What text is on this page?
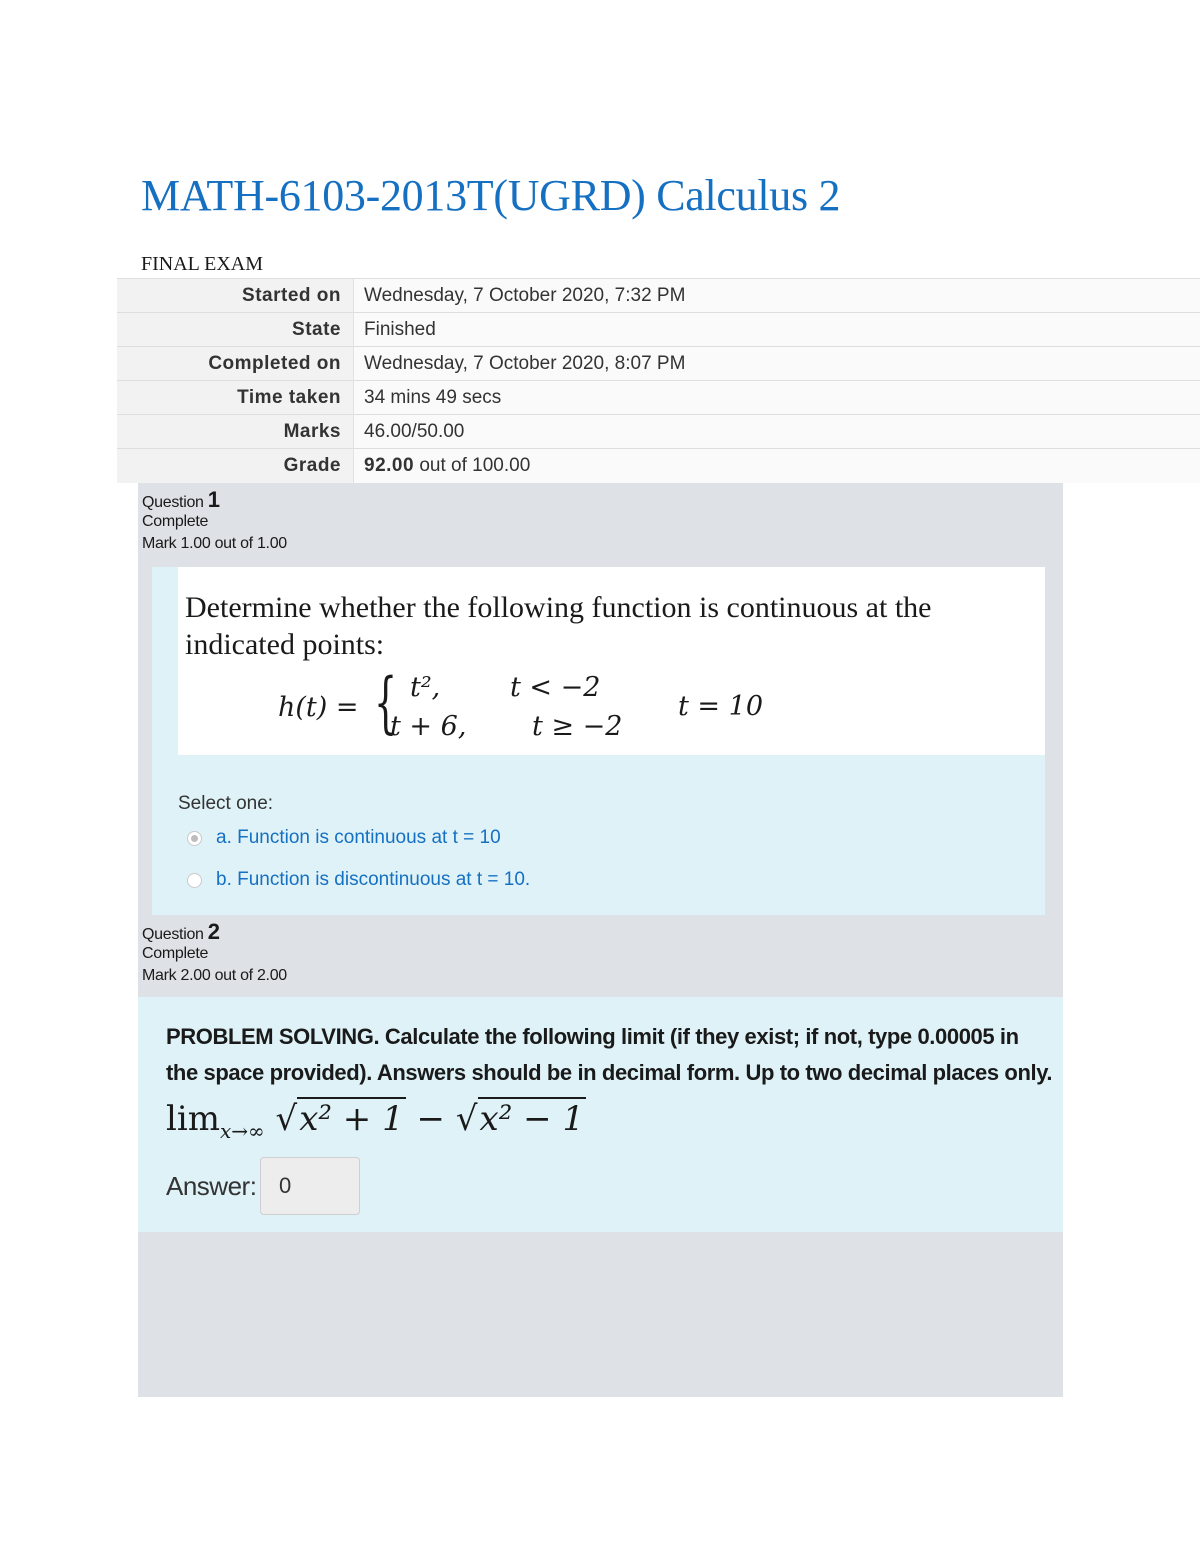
MATH-6103-2013T(UGRD) Calculus 2
FINAL EXAM
Started on	Wednesday, 7 October 2020, 7:32 PM
State	Finished
Completed on	Wednesday, 7 October 2020, 8:07 PM
Time taken	34 mins 49 secs
Marks	46.00/50.00
Grade	92.00 out of 100.00
Question 1
Complete
Mark 1.00 out of 1.00

Determine whether the following function is continuous at the indicated points:

h(t) = { t²,	t < −2
t + 6, t ≥ −2
t = 10
Select one:
a. Function is continuous at t = 10
b. Function is discontinuous at t = 10.
Question 2
Complete
Mark 2.00 out of 2.00

PROBLEM SOLVING. Calculate the following limit (if they exist; if not, type 0.00005 in the space provided). Answers should be in decimal form. Up to two decimal places only.

$\lim_{x\to\infty} √x^2 + 1 - √x^2 - 1$
Answer:
0
